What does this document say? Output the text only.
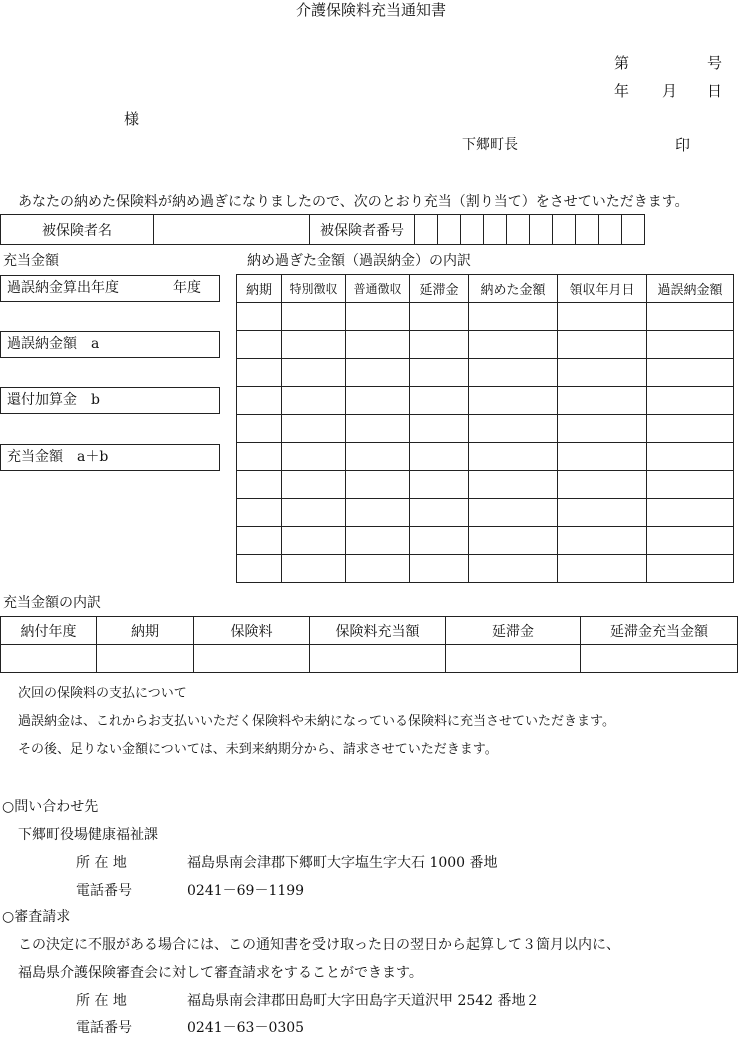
介護保険料充当通知書
第	号
年 月 日
様
下郷町長	印
あなたの納めた保険料が納め過ぎになりましたので、次のとおり充当（割り当て）をさせていただきます。
被保険者名		被保険者番号										
充当金額
過誤納金算出年度	年度
過誤納金額　a
還付加算金　b
充当金額　a＋b
納め過ぎた金額（過誤納金）の内訳
納期	特別徴収	普通徴収	延滞金	納めた金額	領収年月日	過誤納金額

充当金額の内訳
納付年度	納期	保険料	保険料充当額	延滞金	延滞金充当金額

次回の保険料の支払について
過誤納金は、これからお支払いいただく保険料や未納になっている保険料に充当させていただきます。
その後、足りない金額については、未到来納期分から、請求させていただきます。
○問い合わせ先
下郷町役場健康福祉課
所 在 地	福島県南会津郡下郷町大字塩生字大石 1000 番地
電話番号	0241－69－1199
○審査請求
この決定に不服がある場合には、この通知書を受け取った日の翌日から起算して３箇月以内に、
福島県介護保険審査会に対して審査請求をすることができます。
所 在 地	福島県南会津郡田島町大字田島字天道沢甲 2542 番地２
電話番号	0241－63－0305
